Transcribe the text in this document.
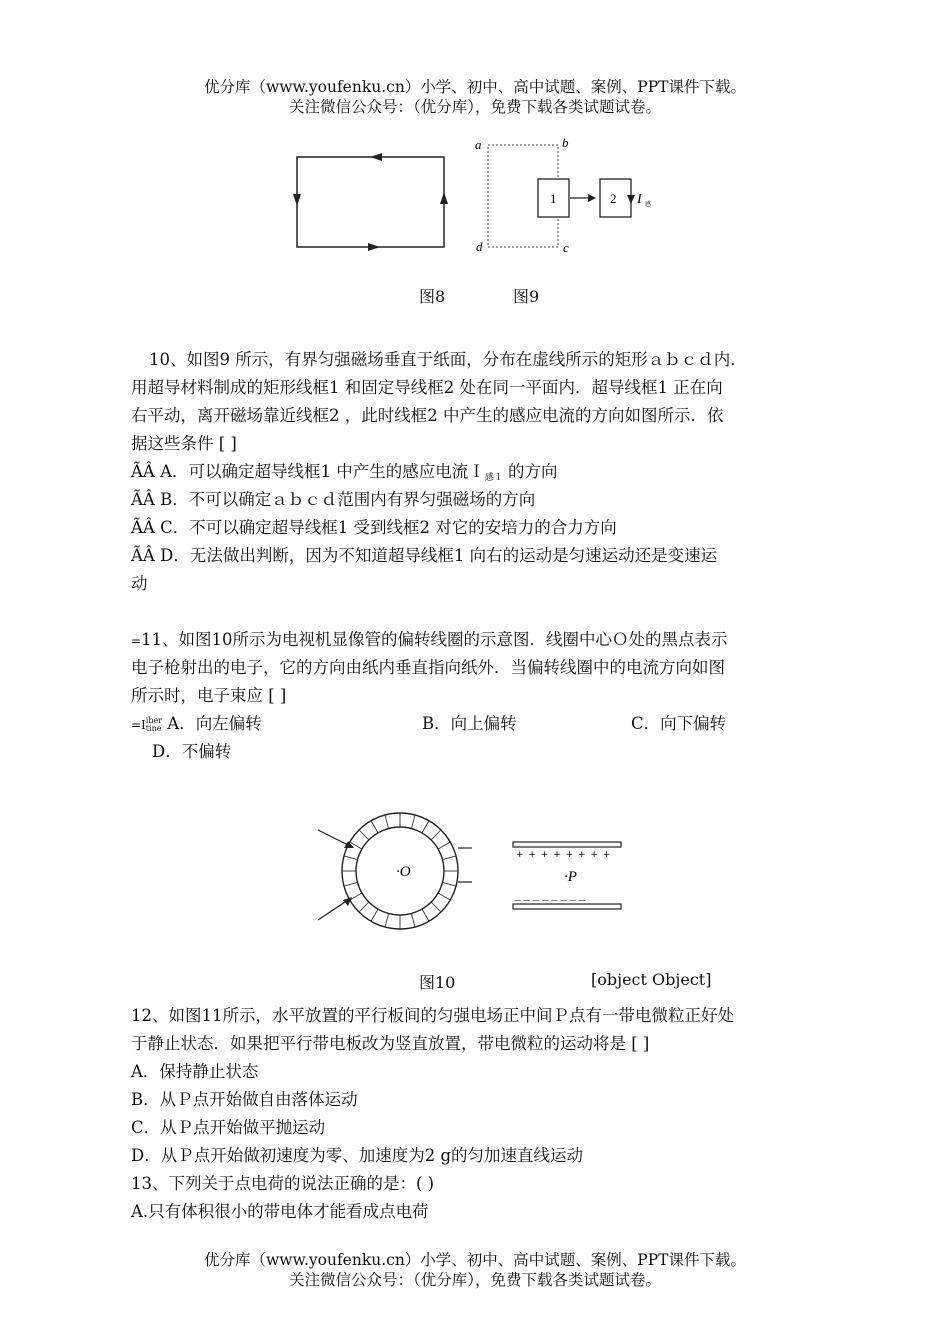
优分库（www.youfenku.cn）小学、初中、高中试题、案例、PPT课件下载。
关注微信公众号：（优分库），免费下载各类试题试卷。
a	b
d	c
1	2 I 感
图8	图9
10、如图9 所示，有界匀强磁场垂直于纸面，分布在虚线所示的矩形ａｂｃｄ内．
用超导材料制成的矩形线框1 和固定导线框2 处在同一平面内．超导线框1 正在向
右平动，离开磁场靠近线框2 ，此时线框2 中产生的感应电流的方向如图所示．依
据这些条件 [ ]
ÃÂ A．可以确定超导线框1 中产生的感应电流Ｉ$_{感1}$ 的方向
ÃÂ B．不可以确定ａｂｃｄ范围内有界匀强磁场的方向
ÃÂ C．不可以确定超导线框1 受到线框2 对它的安培力的合力方向
ÃÂ D．无法做出判断，因为不知道超导线框1 向右的运动是匀速运动还是变速运
动
=11、如图10所示为电视机显像管的偏转线圈的示意图．线圈中心Ｏ处的黑点表示
电子枪射出的电子，它的方向由纸内垂直指向纸外．当偏转线圈中的电流方向如图
所示时，电子束应 [ ]
=Iiber
tine A．向左偏转	B．向上偏转	C．向下偏转
D．不偏转
·O
+ + + + + + + +
·P
— — — — — — — —
图10	[object Object]
12、如图11所示，水平放置的平行板间的匀强电场正中间Ｐ点有一带电微粒正好处
于静止状态．如果把平行带电板改为竖直放置，带电微粒的运动将是 [ ]
A．保持静止状态
B．从Ｐ点开始做自由落体运动
C．从Ｐ点开始做平抛运动
D．从Ｐ点开始做初速度为零、加速度为2 g的匀加速直线运动
13、下列关于点电荷的说法正确的是：( )
A.只有体积很小的带电体才能看成点电荷
优分库（www.youfenku.cn）小学、初中、高中试题、案例、PPT课件下载。
关注微信公众号：（优分库），免费下载各类试题试卷。
